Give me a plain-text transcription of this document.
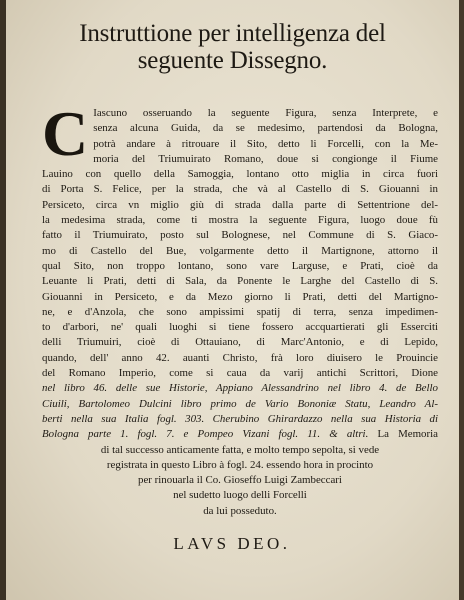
Instruttione per intelligenza del
seguente Dissegno.
C Iascuno osseruando la seguente Figura, senza Interprete, e
senza alcuna Guida, da se medesimo, partendosi da Bologna,
potrà andare à ritrouare il Sito, detto li Forcelli, con la Me-
moria del Triumuirato Romano, doue si congionge il Fiume
Lauino con quello della Samoggia, lontano otto miglia in circa fuori
di Porta S. Felice, per la strada, che và al Castello di S. Giouanni in
Persiceto, circa vn miglio giù di strada dalla parte di Settentrione del-
la medesima strada, come ti mostra la seguente Figura, luogo doue fù
fatto il Triumuirato, posto sul Bolognese, nel Commune di S. Giaco-
mo di Castello del Bue, volgarmente detto il Martignone, attorno il
qual Sito, non troppo lontano, sono vare Larguse, e Prati, cioè da
Leuante li Prati, detti di Sala, da Ponente le Larghe del Castello di S.
Giouanni in Persiceto, e da Mezo giorno li Prati, detti del Martigno-
ne, e d'Anzola, che sono ampissimi spatij di terra, senza impedimen-
to d'arbori, ne' quali luoghi si tiene fossero accquartierati gli Esserciti
delli Triumuiri, cioè di Ottauiano, di Marc'Antonio, e di Lepido,
quando, dell' anno 42. auanti Christo, frà loro diuisero le Prouincie
del Romano Imperio, come si caua da varij antichi Scrittori, Dione
nel libro 46. delle sue Historie, Appiano Alessandrino nel libro 4. de Bello
Ciuili, Bartolomeo Dulcini libro primo de Vario Bononiæ Statu, Leandro Al-
berti nella sua Italia fogl. 303. Cherubino Ghirardazzo nella sua Historia di
Bologna parte 1. fogl. 7. e Pompeo Vizani fogl. 11. & altri. La Memoria
di tal successo anticamente fatta, e molto tempo sepolta, si vede
registrata in questo Libro à fogl. 24. essendo hora in procinto
per rinouarla il Co. Gioseffo Luigi Zambeccari
nel sudetto luogo delli Forcelli
da lui posseduto.
LAVS DEO.
